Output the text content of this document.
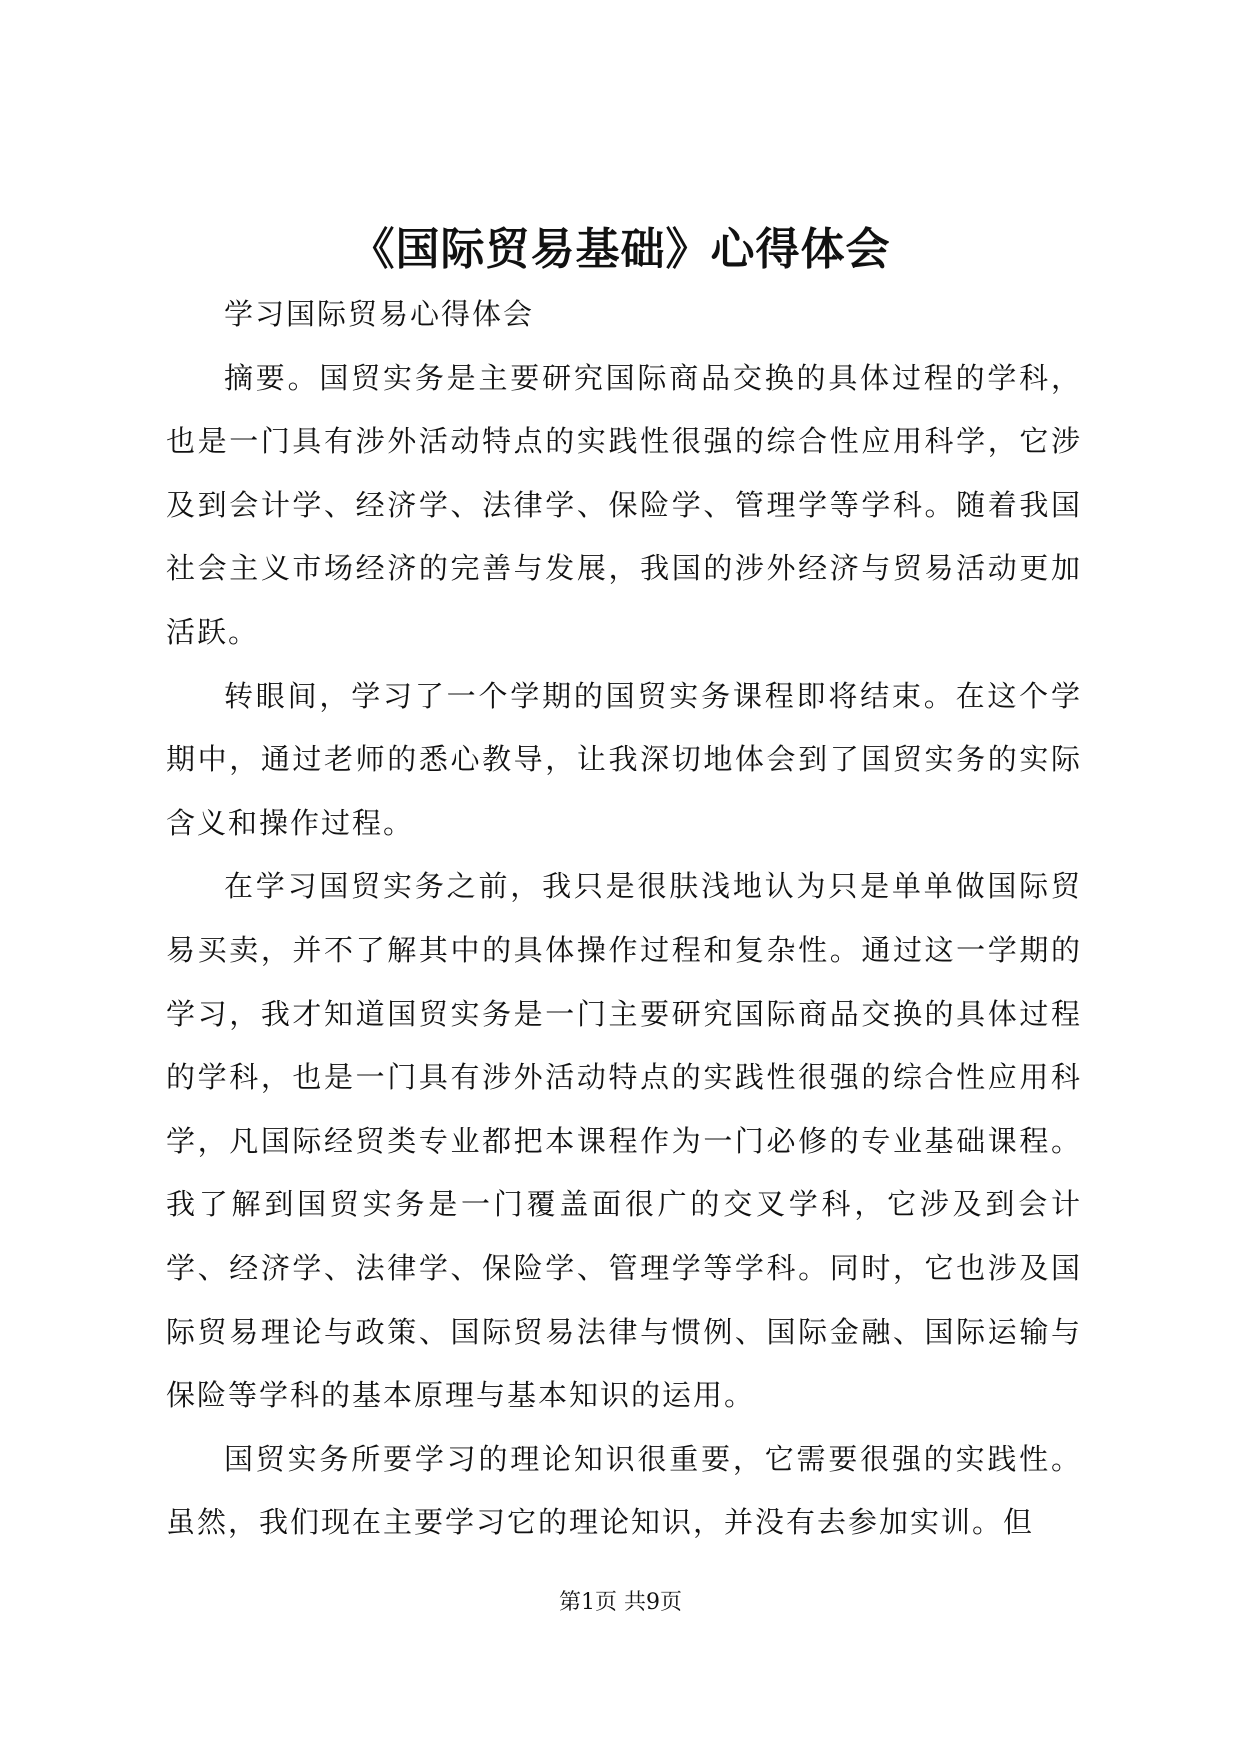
《国际贸易基础》心得体会

学习国际贸易心得体会

摘要。国贸实务是主要研究国际商品交换的具体过程的学科，也是一门具有涉外活动特点的实践性很强的综合性应用科学，它涉及到会计学、经济学、法律学、保险学、管理学等学科。随着我国社会主义市场经济的完善与发展，我国的涉外经济与贸易活动更加活跃。

转眼间，学习了一个学期的国贸实务课程即将结束。在这个学期中，通过老师的悉心教导，让我深切地体会到了国贸实务的实际含义和操作过程。

在学习国贸实务之前，我只是很肤浅地认为只是单单做国际贸易买卖，并不了解其中的具体操作过程和复杂性。通过这一学期的学习，我才知道国贸实务是一门主要研究国际商品交换的具体过程的学科，也是一门具有涉外活动特点的实践性很强的综合性应用科学，凡国际经贸类专业都把本课程作为一门必修的专业基础课程。我了解到国贸实务是一门覆盖面很广的交叉学科，它涉及到会计学、经济学、法律学、保险学、管理学等学科。同时，它也涉及国际贸易理论与政策、国际贸易法律与惯例、国际金融、国际运输与保险等学科的基本原理与基本知识的运用。

国贸实务所要学习的理论知识很重要，它需要很强的实践性。虽然，我们现在主要学习它的理论知识，并没有去参加实训。但

第1页 共9页
